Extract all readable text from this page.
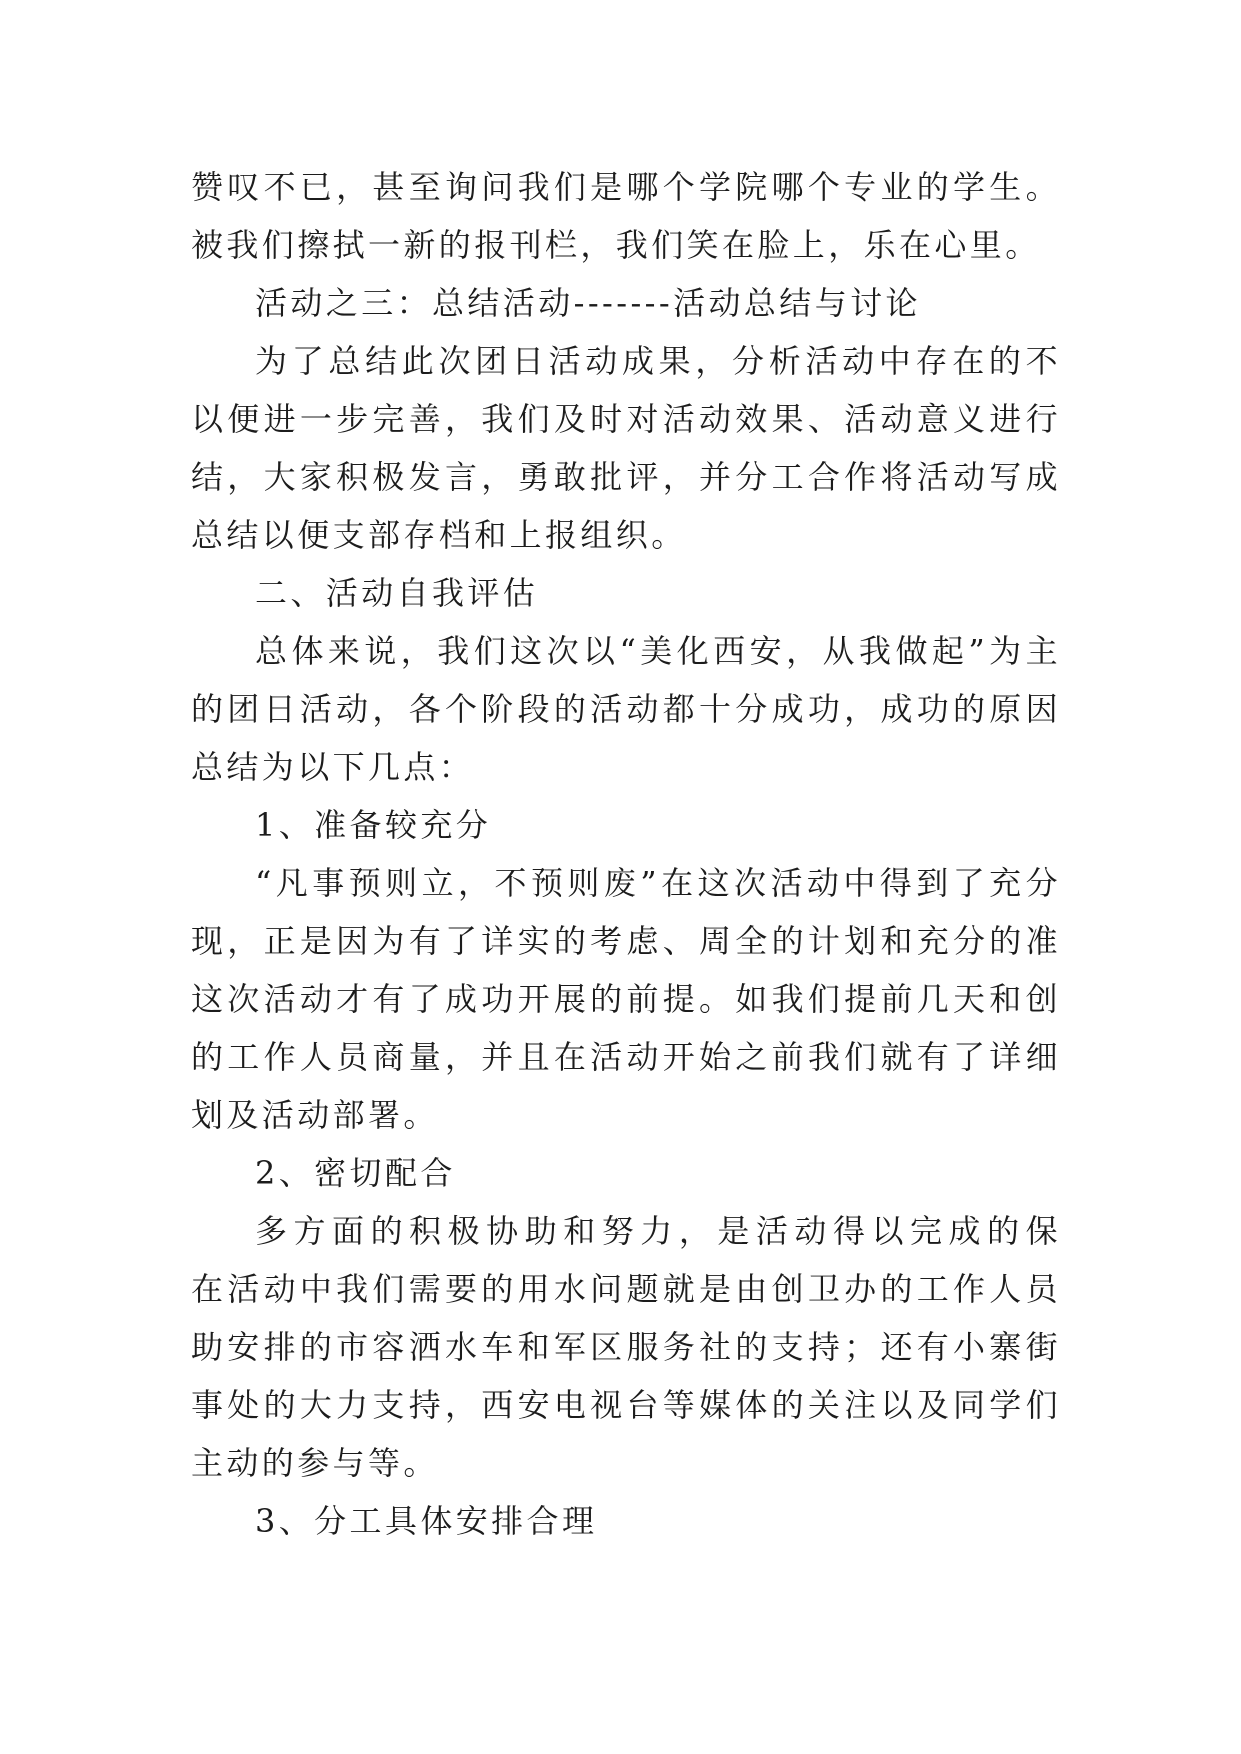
赞叹不已，甚至询问我们是哪个学院哪个专业的学生。
被我们擦拭一新的报刊栏，我们笑在脸上，乐在心里。
活动之三：总结活动-------活动总结与讨论
为了总结此次团日活动成果，分析活动中存在的不
以便进一步完善，我们及时对活动效果、活动意义进行
结，大家积极发言，勇敢批评，并分工合作将活动写成
总结以便支部存档和上报组织。
二、活动自我评估
总体来说，我们这次以“美化西安，从我做起”为主
的团日活动，各个阶段的活动都十分成功，成功的原因
总结为以下几点：
1、准备较充分
“凡事预则立，不预则废”在这次活动中得到了充分
现，正是因为有了详实的考虑、周全的计划和充分的准
这次活动才有了成功开展的前提。如我们提前几天和创
的工作人员商量，并且在活动开始之前我们就有了详细
划及活动部署。
2、密切配合
多方面的积极协助和努力，是活动得以完成的保
在活动中我们需要的用水问题就是由创卫办的工作人员
助安排的市容洒水车和军区服务社的支持；还有小寨街
事处的大力支持，西安电视台等媒体的关注以及同学们
主动的参与等。
3、分工具体安排合理
